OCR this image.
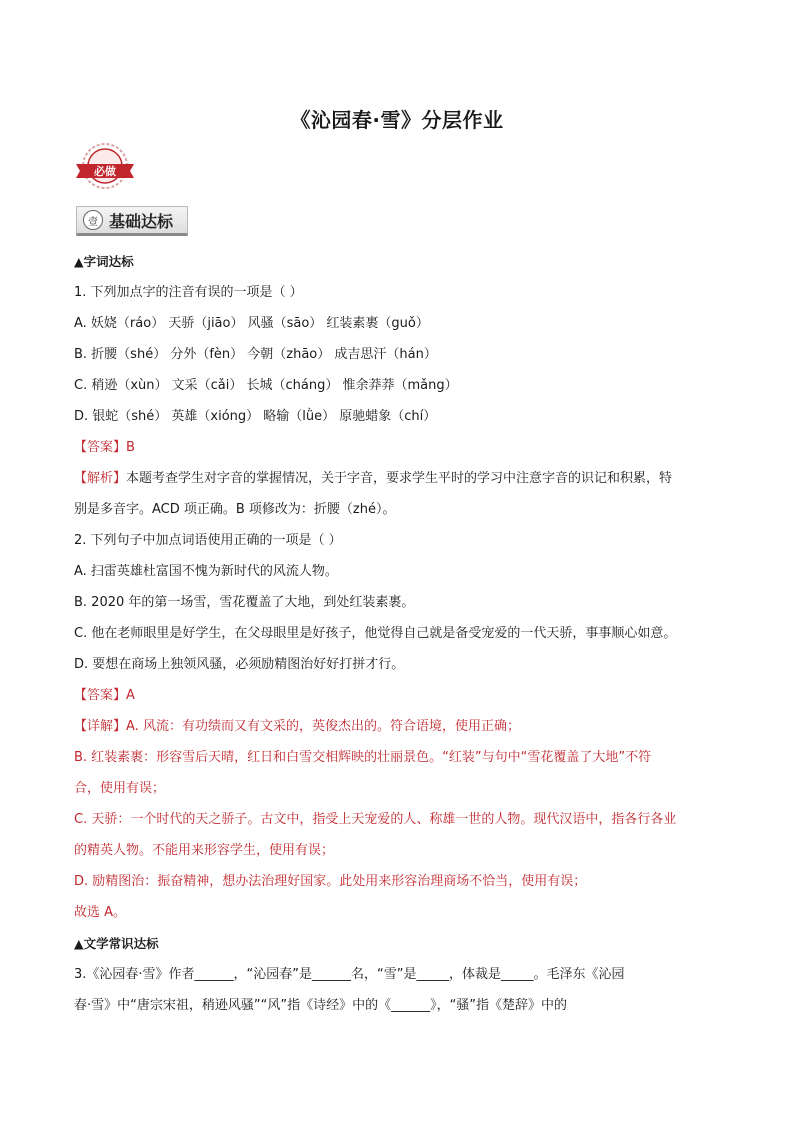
《沁园春·雪》分层作业
必做
壹 基础达标
▲字词达标
1. 下列加点字的注音有误的一项是（ ）
A. 妖娆（ráo） 天骄（jiāo） 风骚（sāo） 红装素裹（guǒ）
B. 折腰（shé） 分外（fèn） 今朝（zhāo） 成吉思汗（hán）
C. 稍逊（xùn） 文采（cǎi） 长城（cháng） 惟余莽莽（mǎng）
D. 银蛇（shé） 英雄（xióng） 略输（lǜe） 原驰蜡象（chí）
【答案】B
【解析】本题考查学生对字音的掌握情况，关于字音，要求学生平时的学习中注意字音的识记和积累，特
别是多音字。ACD 项正确。B 项修改为：折腰（zhé）。
2. 下列句子中加点词语使用正确的一项是（ ）
A. 扫雷英雄杜富国不愧为新时代的风流人物。
B. 2020 年的第一场雪，雪花覆盖了大地，到处红装素裹。
C. 他在老师眼里是好学生，在父母眼里是好孩子，他觉得自己就是备受宠爱的一代天骄，事事顺心如意。
D. 要想在商场上独领风骚，必须励精图治好好打拼才行。
【答案】A
【详解】A. 风流：有功绩而又有文采的，英俊杰出的。符合语境，使用正确；
B. 红装素裹：形容雪后天晴，红日和白雪交相辉映的壮丽景色。“红装”与句中“雪花覆盖了大地”不符
合，使用有误；
C. 天骄：一个时代的天之骄子。古文中，指受上天宠爱的人、称雄一世的人物。现代汉语中，指各行各业
的精英人物。不能用来形容学生，使用有误；
D. 励精图治：振奋精神，想办法治理好国家。此处用来形容治理商场不恰当，使用有误；
故选 A。
▲文学常识达标
3.《沁园春·雪》作者______，“沁园春”是______名，“雪”是_____，体裁是_____。毛泽东《沁园
春·雪》中“唐宗宋祖，稍逊风骚”“风”指《诗经》中的《______》，“骚”指《楚辞》中的
